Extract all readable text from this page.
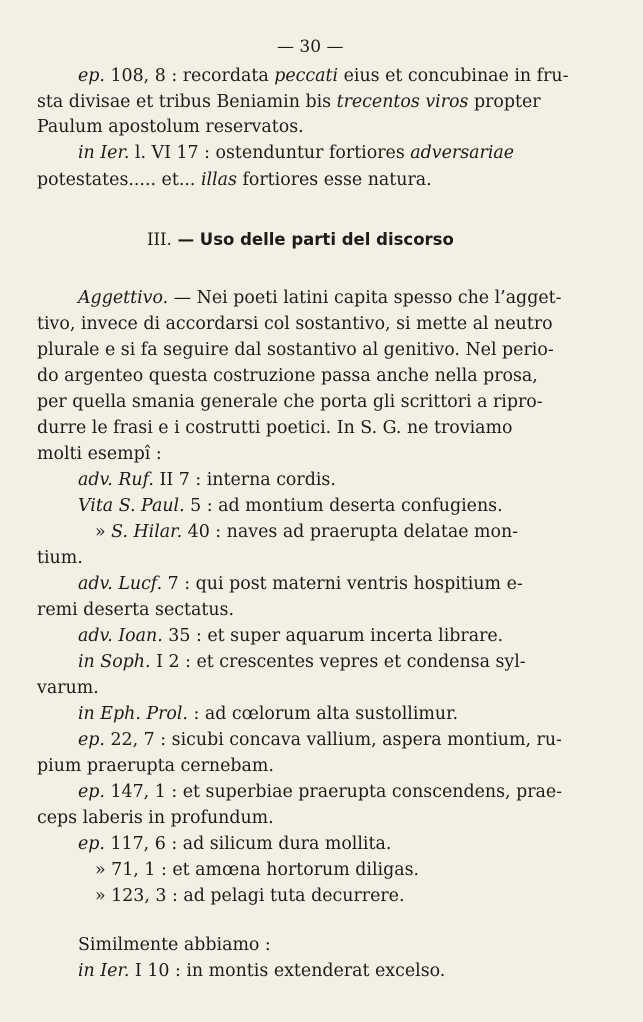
— 30 —
ep. 108, 8 : recordata peccati eius et concubinae in fru-
sta divisae et tribus Beniamin bis trecentos viros propter
Paulum apostolum reservatos.
in Ier. l. VI 17 : ostenduntur fortiores adversariae
potestates..... et... illas fortiores esse natura.
III. — Uso delle parti del discorso
Aggettivo. — Nei poeti latini capita spesso che l’agget-
tivo, invece di accordarsi col sostantivo, si mette al neutro
plurale e si fa seguire dal sostantivo al genitivo. Nel perio-
do argenteo questa costruzione passa anche nella prosa,
per quella smania generale che porta gli scrittori a ripro-
durre le frasi e i costrutti poetici. In S. G. ne troviamo
molti esempî :
adv. Ruf. II 7 : interna cordis.
Vita S. Paul. 5 : ad montium deserta confugiens.
» S. Hilar. 40 : naves ad praerupta delatae mon-
tium.
adv. Lucf. 7 : qui post materni ventris hospitium e-
remi deserta sectatus.
adv. Ioan. 35 : et super aquarum incerta librare.
in Soph. I 2 : et crescentes vepres et condensa syl-
varum.
in Eph. Prol. : ad cœlorum alta sustollimur.
ep. 22, 7 : sicubi concava vallium, aspera montium, ru-
pium praerupta cernebam.
ep. 147, 1 : et superbiae praerupta conscendens, prae-
ceps laberis in profundum.
ep. 117, 6 : ad silicum dura mollita.
» 71, 1 : et amœna hortorum diligas.
» 123, 3 : ad pelagi tuta decurrere.
Similmente abbiamo :
in Ier. I 10 : in montis extenderat excelso.
